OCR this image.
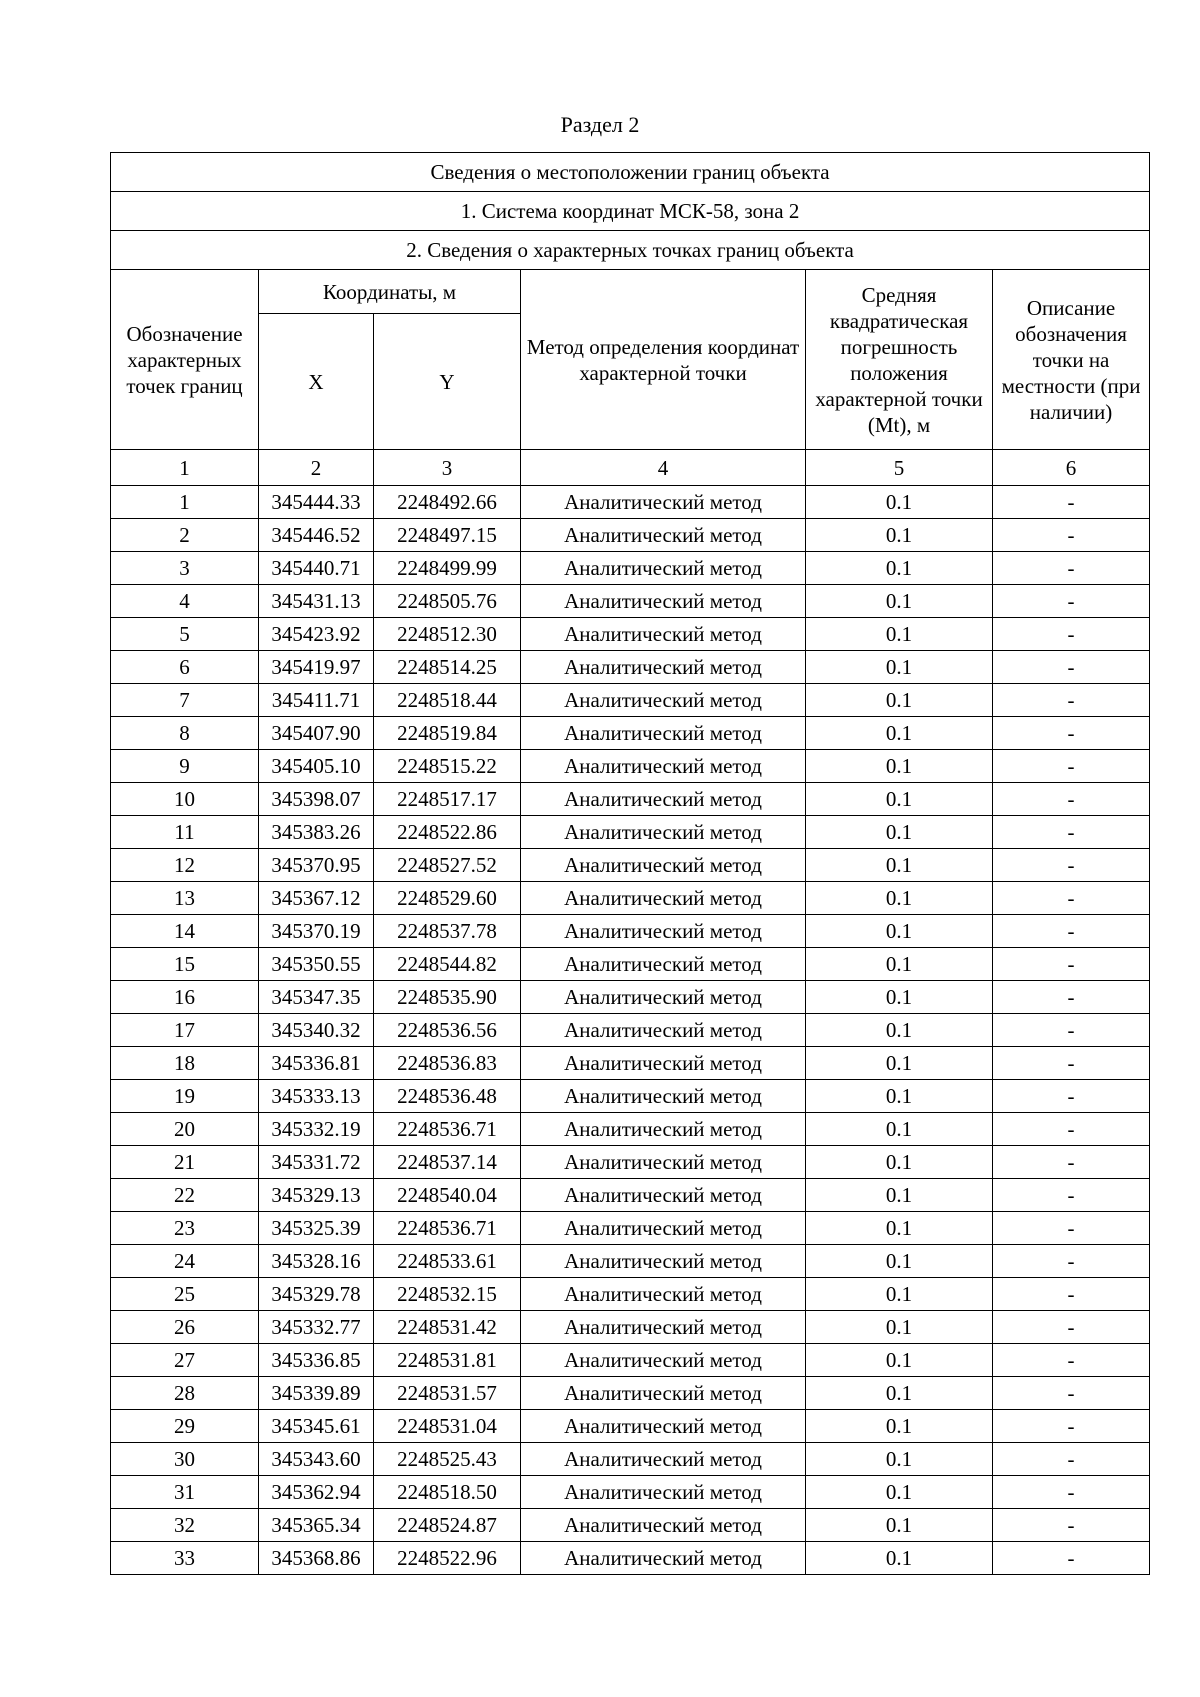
Раздел 2
Сведения о местоположении границ объекта					
1. Система координат МСК-58, зона 2					
2. Сведения о характерных точках границ объекта					
Обозначение характерных точек границ	Координаты, м		Метод определения координат характерной точки	Средняя квадратическая погрешность положения характерной точки (Mt), м	Описание обозначения точки на местности (при наличии)
	X	Y			
1	2	3	4	5	6
1	345444.33	2248492.66	Аналитический метод	0.1	-
2	345446.52	2248497.15	Аналитический метод	0.1	-
3	345440.71	2248499.99	Аналитический метод	0.1	-
4	345431.13	2248505.76	Аналитический метод	0.1	-
5	345423.92	2248512.30	Аналитический метод	0.1	-
6	345419.97	2248514.25	Аналитический метод	0.1	-
7	345411.71	2248518.44	Аналитический метод	0.1	-
8	345407.90	2248519.84	Аналитический метод	0.1	-
9	345405.10	2248515.22	Аналитический метод	0.1	-
10	345398.07	2248517.17	Аналитический метод	0.1	-
11	345383.26	2248522.86	Аналитический метод	0.1	-
12	345370.95	2248527.52	Аналитический метод	0.1	-
13	345367.12	2248529.60	Аналитический метод	0.1	-
14	345370.19	2248537.78	Аналитический метод	0.1	-
15	345350.55	2248544.82	Аналитический метод	0.1	-
16	345347.35	2248535.90	Аналитический метод	0.1	-
17	345340.32	2248536.56	Аналитический метод	0.1	-
18	345336.81	2248536.83	Аналитический метод	0.1	-
19	345333.13	2248536.48	Аналитический метод	0.1	-
20	345332.19	2248536.71	Аналитический метод	0.1	-
21	345331.72	2248537.14	Аналитический метод	0.1	-
22	345329.13	2248540.04	Аналитический метод	0.1	-
23	345325.39	2248536.71	Аналитический метод	0.1	-
24	345328.16	2248533.61	Аналитический метод	0.1	-
25	345329.78	2248532.15	Аналитический метод	0.1	-
26	345332.77	2248531.42	Аналитический метод	0.1	-
27	345336.85	2248531.81	Аналитический метод	0.1	-
28	345339.89	2248531.57	Аналитический метод	0.1	-
29	345345.61	2248531.04	Аналитический метод	0.1	-
30	345343.60	2248525.43	Аналитический метод	0.1	-
31	345362.94	2248518.50	Аналитический метод	0.1	-
32	345365.34	2248524.87	Аналитический метод	0.1	-
33	345368.86	2248522.96	Аналитический метод	0.1	-
